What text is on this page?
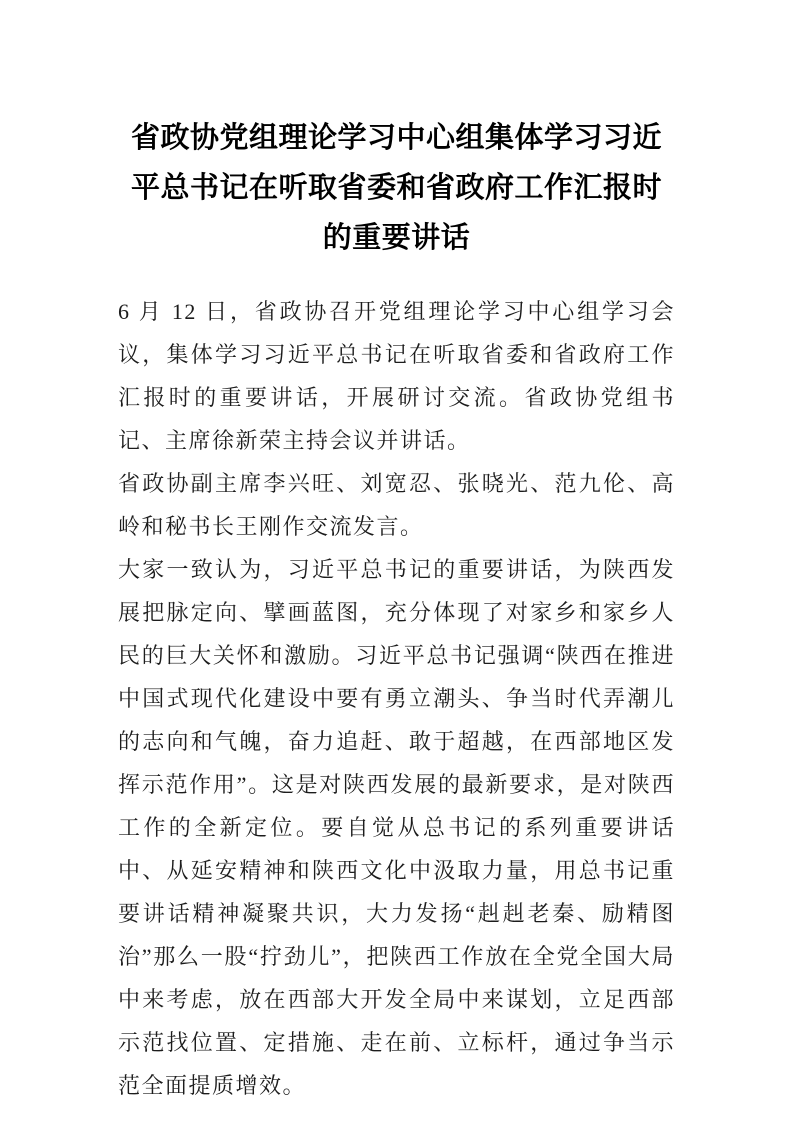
省政协党组理论学习中心组集体学习习近平总书记在听取省委和省政府工作汇报时的重要讲话

6 月 12 日，省政协召开党组理论学习中心组学习会议，集体学习习近平总书记在听取省委和省政府工作汇报时的重要讲话，开展研讨交流。省政协党组书记、主席徐新荣主持会议并讲话。

省政协副主席李兴旺、刘宽忍、张晓光、范九伦、高岭和秘书长王刚作交流发言。

大家一致认为，习近平总书记的重要讲话，为陕西发展把脉定向、擘画蓝图，充分体现了对家乡和家乡人民的巨大关怀和激励。习近平总书记强调“陕西在推进中国式现代化建设中要有勇立潮头、争当时代弄潮儿的志向和气魄，奋力追赶、敢于超越，在西部地区发挥示范作用”。这是对陕西发展的最新要求，是对陕西工作的全新定位。要自觉从总书记的系列重要讲话中、从延安精神和陕西文化中汲取力量，用总书记重要讲话精神凝聚共识，大力发扬“赳赳老秦、励精图治”那么一股“拧劲儿”，把陕西工作放在全党全国大局中来考虑，放在西部大开发全局中来谋划，立足西部示范找位置、定措施、走在前、立标杆，通过争当示范全面提质增效。
